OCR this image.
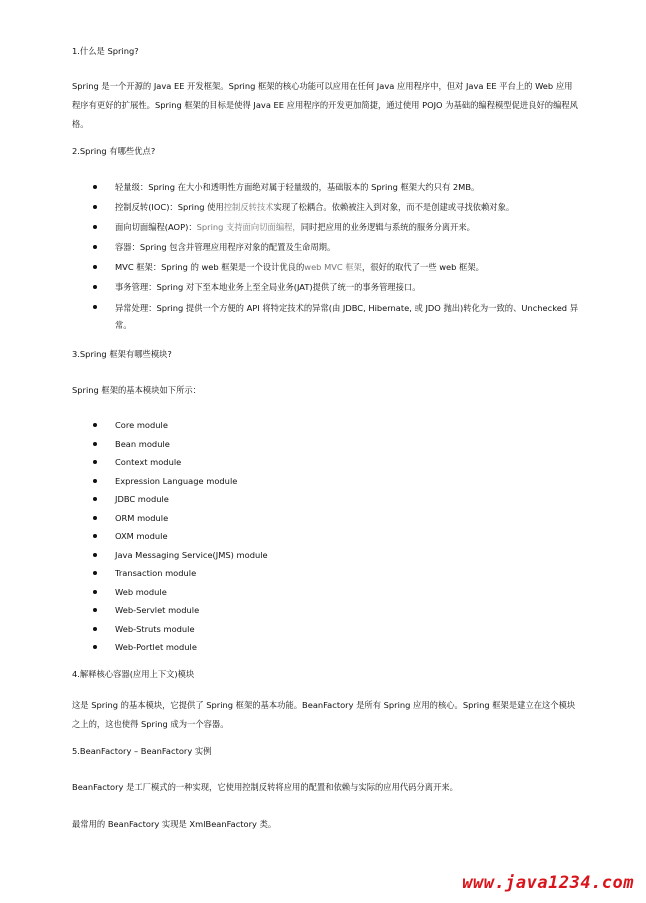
1.什么是 Spring?

Spring 是一个开源的 Java EE 开发框架。Spring 框架的核心功能可以应用在任何 Java 应用程序中，但对 Java EE 平台上的 Web 应用程序有更好的扩展性。Spring 框架的目标是使得 Java EE 应用程序的开发更加简捷，通过使用 POJO 为基础的编程模型促进良好的编程风格。

2.Spring 有哪些优点?

轻量级：Spring 在大小和透明性方面绝对属于轻量级的，基础版本的 Spring 框架大约只有 2MB。
控制反转(IOC)：Spring 使用控制反转技术实现了松耦合。依赖被注入到对象，而不是创建或寻找依赖对象。
面向切面编程(AOP)：Spring 支持面向切面编程，同时把应用的业务逻辑与系统的服务分离开来。
容器：Spring 包含并管理应用程序对象的配置及生命周期。
MVC 框架：Spring 的 web 框架是一个设计优良的web MVC 框架，很好的取代了一些 web 框架。
事务管理：Spring 对下至本地业务上至全局业务(JAT)提供了统一的事务管理接口。
异常处理：Spring 提供一个方便的 API 将特定技术的异常(由 JDBC, Hibernate, 或 JDO 抛出)转化为一致的、Unchecked 异常。

3.Spring 框架有哪些模块?

Spring 框架的基本模块如下所示：

Core module
Bean module
Context module
Expression Language module
JDBC module
ORM module
OXM module
Java Messaging Service(JMS) module
Transaction module
Web module
Web-Servlet module
Web-Struts module
Web-Portlet module

4.解释核心容器(应用上下文)模块

这是 Spring 的基本模块，它提供了 Spring 框架的基本功能。BeanFactory 是所有 Spring 应用的核心。Spring 框架是建立在这个模块之上的，这也使得 Spring 成为一个容器。

5.BeanFactory – BeanFactory 实例

BeanFactory 是工厂模式的一种实现，它使用控制反转将应用的配置和依赖与实际的应用代码分离开来。

最常用的 BeanFactory 实现是 XmlBeanFactory 类。

www.java1234.com
